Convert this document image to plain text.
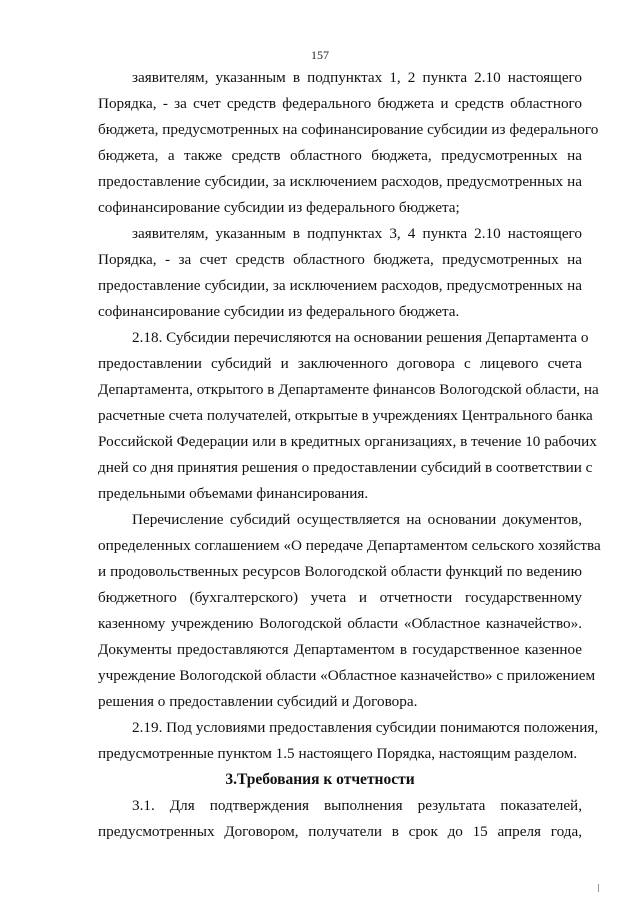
157
заявителям, указанным в подпунктах 1, 2 пункта 2.10 настоящего
Порядка, - за счет средств федерального бюджета и средств областного
бюджета, предусмотренных на софинансирование субсидии из федерального
бюджета, а также средств областного бюджета, предусмотренных на
предоставление субсидии, за исключением расходов, предусмотренных на
софинансирование субсидии из федерального бюджета;
заявителям, указанным в подпунктах 3, 4 пункта 2.10 настоящего
Порядка, - за счет средств областного бюджета, предусмотренных на
предоставление субсидии, за исключением расходов, предусмотренных на
софинансирование субсидии из федерального бюджета.
2.18. Субсидии перечисляются на основании решения Департамента о
предоставлении субсидий и заключенного договора с лицевого счета
Департамента, открытого в Департаменте финансов Вологодской области, на
расчетные счета получателей, открытые в учреждениях Центрального банка
Российской Федерации или в кредитных организациях, в течение 10 рабочих
дней со дня принятия решения о предоставлении субсидий в соответствии с
предельными объемами финансирования.
Перечисление субсидий осуществляется на основании документов,
определенных соглашением «О передаче Департаментом сельского хозяйства
и продовольственных ресурсов Вологодской области функций по ведению
бюджетного (бухгалтерского) учета и отчетности государственному
казенному учреждению Вологодской области «Областное казначейство».
Документы предоставляются Департаментом в государственное казенное
учреждение Вологодской области «Областное казначейство» с приложением
решения о предоставлении субсидий и Договора.
2.19. Под условиями предоставления субсидии понимаются положения,
предусмотренные пунктом 1.5 настоящего Порядка, настоящим разделом.
3.Требования к отчетности
3.1. Для подтверждения выполнения результата показателей,
предусмотренных Договором, получатели в срок до 15 апреля года,
